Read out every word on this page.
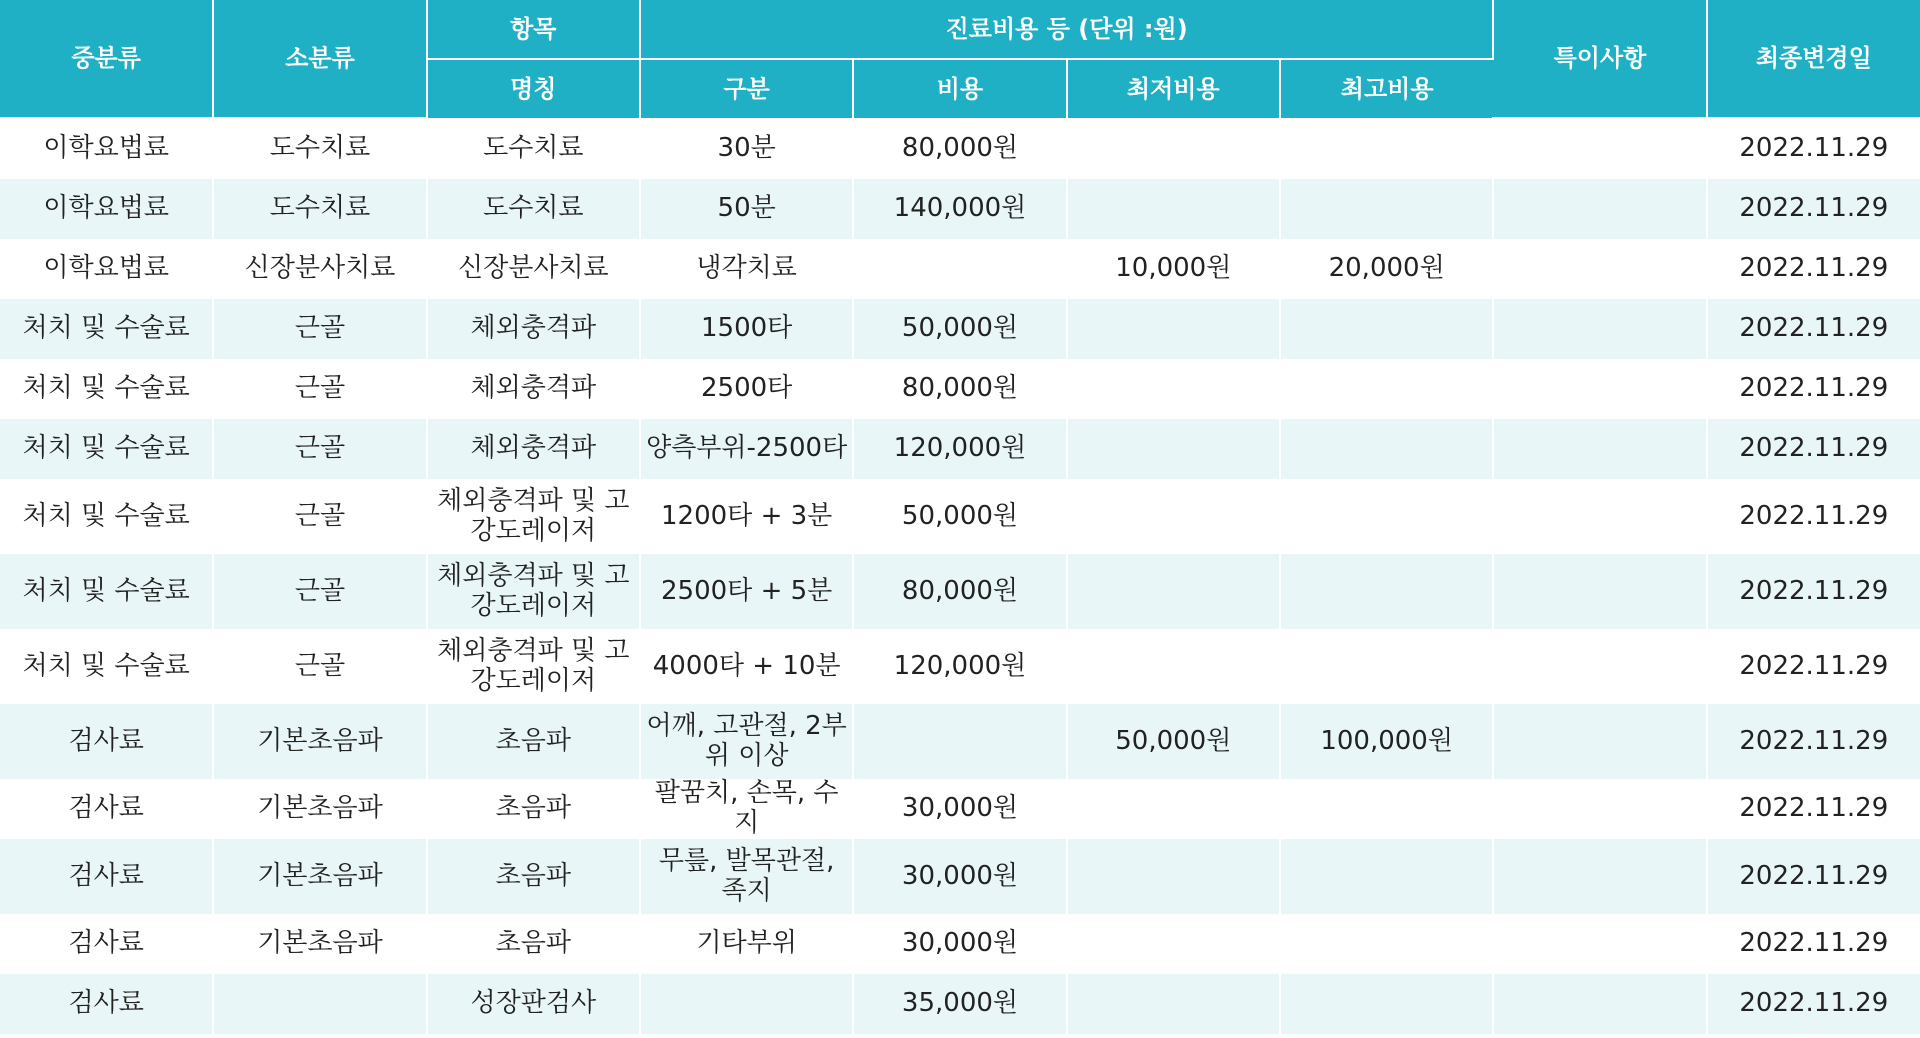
중분류	소분류	항목	진료비용 등 (단위 :원)				특이사항	최종변경일
		명칭	구분	비용	최저비용	최고비용		
이학요법료	도수치료	도수치료	30분	80,000원				2022.11.29
이학요법료	도수치료	도수치료	50분	140,000원				2022.11.29
이학요법료	신장분사치료	신장분사치료	냉각치료		10,000원	20,000원		2022.11.29
처치 및 수술료	근골	체외충격파	1500타	50,000원				2022.11.29
처치 및 수술료	근골	체외충격파	2500타	80,000원				2022.11.29
처치 및 수술료	근골	체외충격파	양측부위-2500타	120,000원				2022.11.29
처치 및 수술료	근골	체외충격파 및 고강도레이저	1200타 + 3분	50,000원				2022.11.29
처치 및 수술료	근골	체외충격파 및 고강도레이저	2500타 + 5분	80,000원				2022.11.29
처치 및 수술료	근골	체외충격파 및 고강도레이저	4000타 + 10분	120,000원				2022.11.29
검사료	기본초음파	초음파	어깨, 고관절, 2부위 이상		50,000원	100,000원		2022.11.29
검사료	기본초음파	초음파	팔꿈치, 손목, 수지	30,000원				2022.11.29
검사료	기본초음파	초음파	무릎, 발목관절, 족지	30,000원				2022.11.29
검사료	기본초음파	초음파	기타부위	30,000원				2022.11.29
검사료		성장판검사		35,000원				2022.11.29
